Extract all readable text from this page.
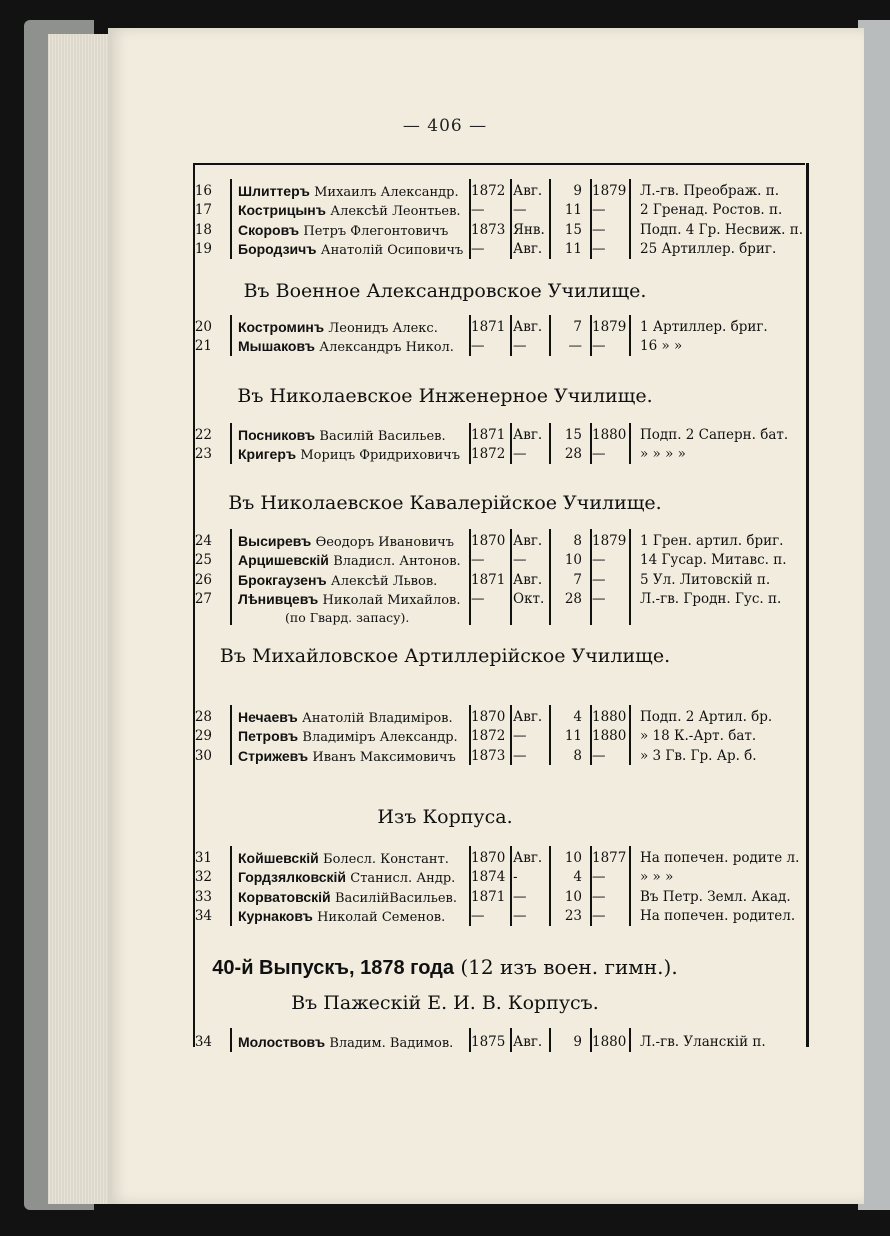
— 406 —
16 Шлиттеръ Михаилъ Александр. 1872 Авг.	9 1879 Л.-гв. Преображ. п.
17 Кострицынъ Алексѣй Леонтьев. —	—	11 —	2 Гренад. Ростов. п.
18 Скоровъ Петръ Флегонтовичъ 1873 Янв.	15 —	Подп. 4 Гр. Несвиж. п.
19 Бородзичъ Анатолій Осиповичъ —	Авг.	11 —	25 Артиллер. бриг.
Въ Военное Александровское Училище.
20 Костроминъ Леонидъ Алекс. 1871 Авг.	7 1879 1 Артиллер. бриг.
21 Мышаковъ Александръ Никол. —	—	— —	16 » »
Въ Николаевское Инженерное Училище.
22 Посниковъ Василій Васильев. 1871 Авг.	15 1880 Подп. 2 Саперн. бат.
23 Кригеръ Морицъ Фридриховичъ 1872 —	28 —	» » » »
Въ Николаевское Кавалерійское Училище.
24 Высиревъ Ѳеодоръ Ивановичъ 1870 Авг.	8 1879 1 Грен. артил. бриг.
25 Арцишевскій Владисл. Антонов. —	—	10 —	14 Гусар. Митавс. п.
26 Брокгаузенъ Алексѣй Львов. 1871 Авг.	7 —	5 Ул. Литовскій п.
27 Лѣнивцевъ Николай Михайлов. —	Окт.	28 —	Л.-гв. Гродн. Гус. п.
(по Гвард. запасу).
Въ Михайловское Артиллерійское Училище.
28 Нечаевъ Анатолій Владиміров. 1870 Авг.	4 1880 Подп. 2 Артил. бр.
29 Петровъ Владиміръ Александр. 1872 —	11 1880 » 18 К.-Арт. бат.
30 Стрижевъ Иванъ Максимовичъ 1873 —	8 —	» 3 Гв. Гр. Ар. б.
Изъ Корпуса.
31 Койшевскій Болесл. Констант. 1870 Авг.	10 1877 На попечен. родите л.
32 Гордзялковскій Станисл. Андр. 1874 -	4 —	» » »
33 Корватовскій ВасилійВасильев. 1871 —	10 —	Въ Петр. Земл. Акад.
34 Курнаковъ Николай Семенов. —	—	23 —	На попечен. родител.
40-й Выпускъ, 1878 года (12 изъ воен. гимн.).
Въ Пажескій Е. И. В. Корпусъ.
34 Молоствовъ Владим. Вадимов. 1875 Авг.	9 1880 Л.-гв. Уланскій п.
